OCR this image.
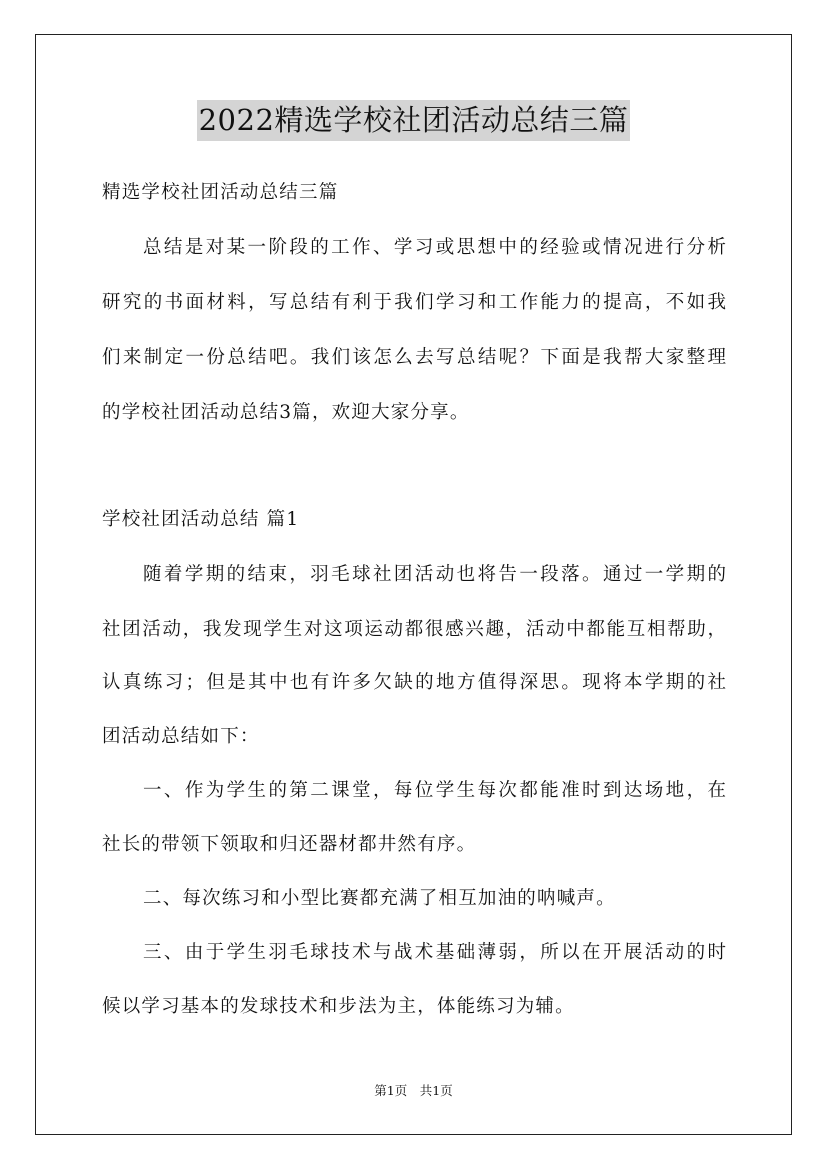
2022精选学校社团活动总结三篇
精选学校社团活动总结三篇
总结是对某一阶段的工作、学习或思想中的经验或情况进行分析
研究的书面材料，写总结有利于我们学习和工作能力的提高，不如我
们来制定一份总结吧。我们该怎么去写总结呢？下面是我帮大家整理
的学校社团活动总结3篇，欢迎大家分享。
学校社团活动总结 篇1
随着学期的结束，羽毛球社团活动也将告一段落。通过一学期的
社团活动，我发现学生对这项运动都很感兴趣，活动中都能互相帮助，
认真练习；但是其中也有许多欠缺的地方值得深思。现将本学期的社
团活动总结如下：
一、作为学生的第二课堂，每位学生每次都能准时到达场地，在
社长的带领下领取和归还器材都井然有序。
二、每次练习和小型比赛都充满了相互加油的呐喊声。
三、由于学生羽毛球技术与战术基础薄弱，所以在开展活动的时
候以学习基本的发球技术和步法为主，体能练习为辅。
第1页　共1页
